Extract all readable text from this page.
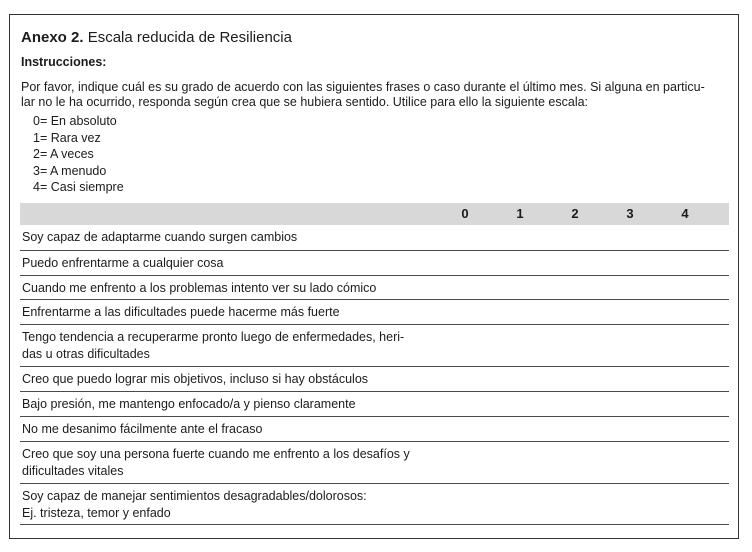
Anexo 2. Escala reducida de Resiliencia
Instrucciones:
Por favor, indique cuál es su grado de acuerdo con las siguientes frases o caso durante el último mes. Si alguna en particu-
lar no le ha ocurrido, responda según crea que se hubiera sentido. Utilice para ello la siguiente escala:
0= En absoluto
1= Rara vez
2= A veces
3= A menudo
4= Casi siempre
0	1	2	3	4
Soy capaz de adaptarme cuando surgen cambios
Puedo enfrentarme a cualquier cosa
Cuando me enfrento a los problemas intento ver su lado cómico
Enfrentarme a las dificultades puede hacerme más fuerte
Tengo tendencia a recuperarme pronto luego de enfermedades, heri-
das u otras dificultades
Creo que puedo lograr mis objetivos, incluso si hay obstáculos
Bajo presión, me mantengo enfocado/a y pienso claramente
No me desanimo fácilmente ante el fracaso
Creo que soy una persona fuerte cuando me enfrento a los desafíos y
dificultades vitales
Soy capaz de manejar sentimientos desagradables/dolorosos:
Ej. tristeza, temor y enfado
